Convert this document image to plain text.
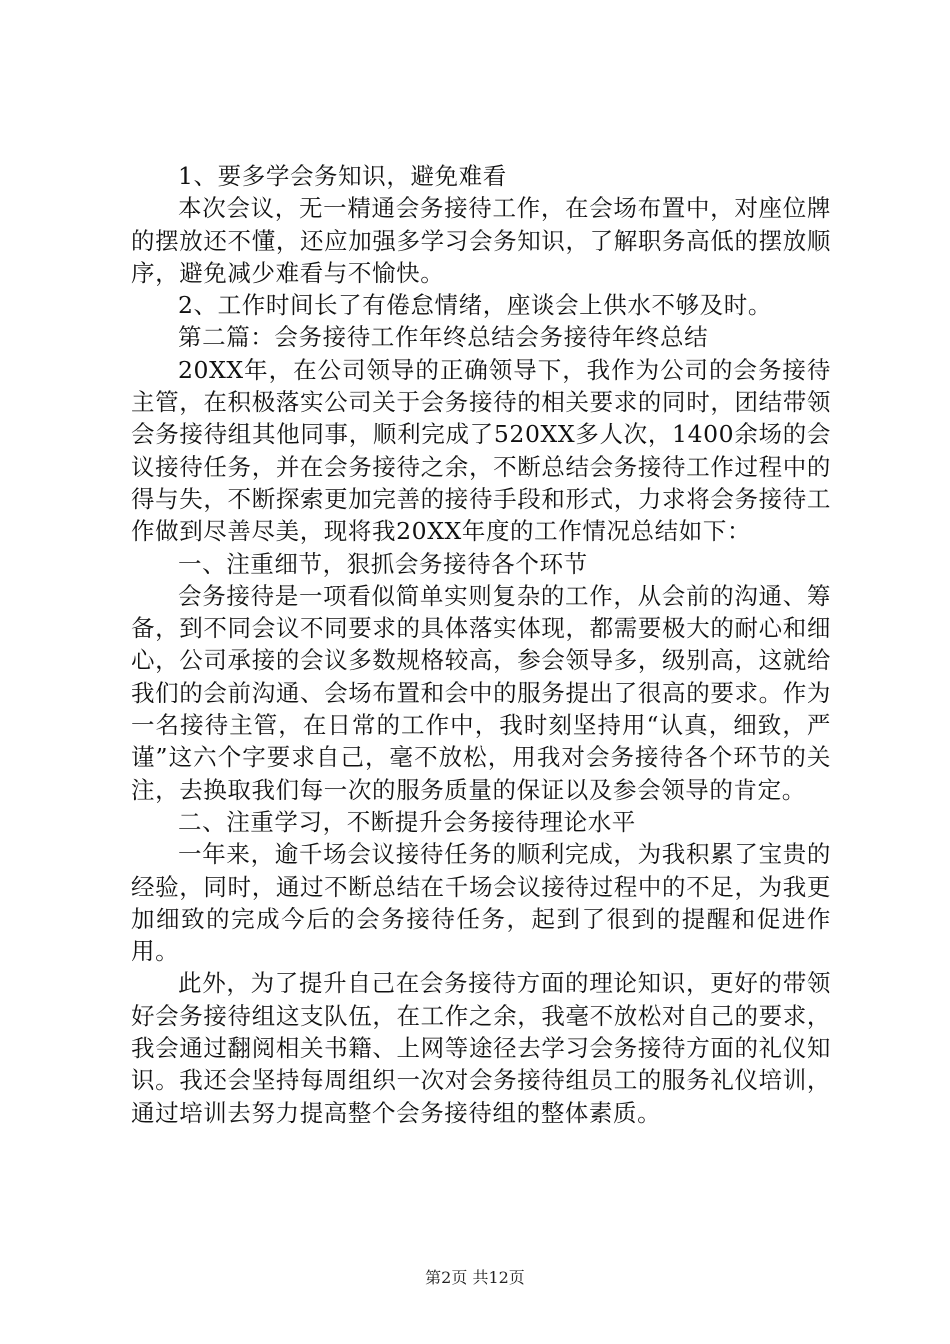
1、要多学会务知识，避免难看

本次会议，无一精通会务接待工作，在会场布置中，对座位牌的摆放还不懂，还应加强多学习会务知识，了解职务高低的摆放顺序，避免减少难看与不愉快。

2、工作时间长了有倦怠情绪，座谈会上供水不够及时。

第二篇：会务接待工作年终总结会务接待年终总结

20XX年，在公司领导的正确领导下，我作为公司的会务接待主管，在积极落实公司关于会务接待的相关要求的同时，团结带领会务接待组其他同事，顺利完成了520XX多人次，1400余场的会议接待任务，并在会务接待之余，不断总结会务接待工作过程中的得与失，不断探索更加完善的接待手段和形式，力求将会务接待工作做到尽善尽美，现将我20XX年度的工作情况总结如下：

一、注重细节，狠抓会务接待各个环节

会务接待是一项看似简单实则复杂的工作，从会前的沟通、筹备，到不同会议不同要求的具体落实体现，都需要极大的耐心和细心，公司承接的会议多数规格较高，参会领导多，级别高，这就给我们的会前沟通、会场布置和会中的服务提出了很高的要求。作为一名接待主管，在日常的工作中，我时刻坚持用“认真，细致，严谨”这六个字要求自己，毫不放松，用我对会务接待各个环节的关注，去换取我们每一次的服务质量的保证以及参会领导的肯定。

二、注重学习，不断提升会务接待理论水平

一年来，逾千场会议接待任务的顺利完成，为我积累了宝贵的经验，同时，通过不断总结在千场会议接待过程中的不足，为我更加细致的完成今后的会务接待任务，起到了很到的提醒和促进作用。

此外，为了提升自己在会务接待方面的理论知识，更好的带领好会务接待组这支队伍，在工作之余，我毫不放松对自己的要求，我会通过翻阅相关书籍、上网等途径去学习会务接待方面的礼仪知识。我还会坚持每周组织一次对会务接待组员工的服务礼仪培训，通过培训去努力提高整个会务接待组的整体素质。

第2页 共12页
